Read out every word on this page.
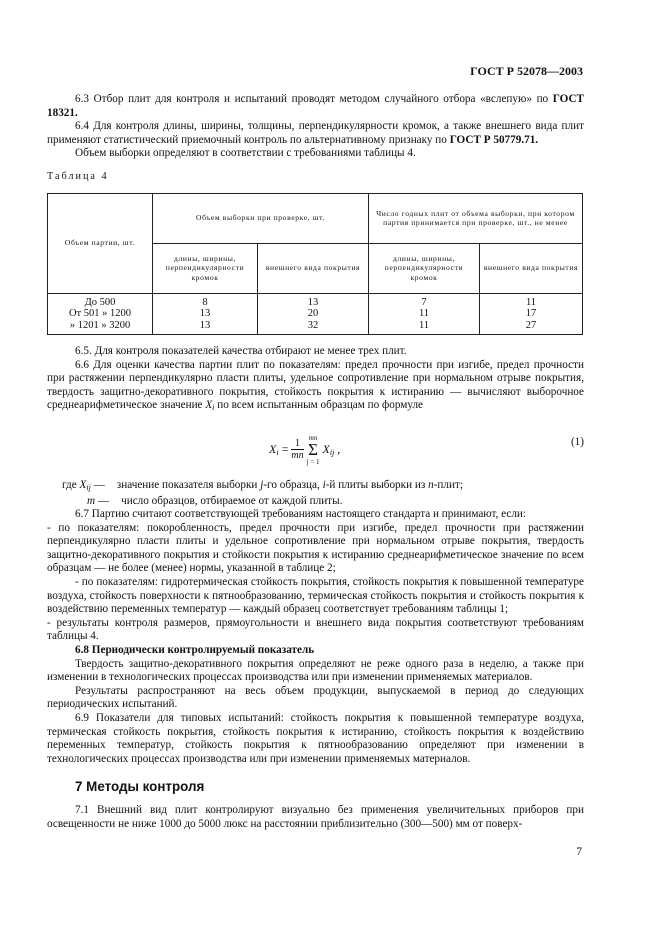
ГОСТ Р 52078—2003

6.3 Отбор плит для контроля и испытаний проводят методом случайного отбора «вслепую» по ГОСТ 18321.

6.4 Для контроля длины, ширины, толщины, перпендикулярности кромок, а также внешнего вида плит применяют статистический приемочный контроль по альтернативному признаку по ГОСТ Р 50779.71.

Объем выборки определяют в соответствии с требованиями таблицы 4.

Таблица 4
Объем партии, шт.	Объем выборки при проверке, шт.		Число годных плит от объема выборки, при котором партия принимается при проверке, шт., не менее	
	длины, ширины, перпендикулярности кромок	внешнего вида покрытия	длины, ширины, перпендикулярности кромок	внешнего вида покрытия
До 500	8	13	7	11
От 501 » 1200	13	20	11	17
» 1201 » 3200	13	32	11	27

6.5. Для контроля показателей качества отбирают не менее трех плит.

6.6 Для оценки качества партии плит по показателям: предел прочности при изгибе, предел прочности при растяжении перпендикулярно пласти плиты, удельное сопротивление при нормальном отрыве покрытия, твердость защитно-декоративного покрытия, стойкость покрытия к истиранию — вычисляют выборочное среднеарифметическое значение $X_i$ по всем испытанным образцам по формуле

$X_i = \frac{1}{mn}$
mn
Σ
$j = 1X_{ij}$ ,	(1)

где $X_{ij}$ — значение показателя выборки j-го образца, i-й плиты выборки из n-плит;

m — число образцов, отбираемое от каждой плиты.

6.7 Партию считают соответствующей требованиям настоящего стандарта и принимают, если:

- по показателям: покоробленность, предел прочности при изгибе, предел прочности при растяжении перпендикулярно пласти плиты и удельное сопротивление при нормальном отрыве покрытия, твердость защитно-декоративного покрытия и стойкости покрытия к истиранию среднеарифметическое значение по всем образцам — не более (менее) нормы, указанной в таблице 2;

- по показателям: гидротермическая стойкость покрытия, стойкость покрытия к повышенной температуре воздуха, стойкость поверхности к пятнообразованию, термическая стойкость покрытия и стойкость покрытия к воздействию переменных температур — каждый образец соответствует требованиям таблицы 1;

- результаты контроля размеров, прямоугольности и внешнего вида покрытия соответствуют требованиям таблицы 4.

6.8 Периодически контролируемый показатель

Твердость защитно-декоративного покрытия определяют не реже одного раза в неделю, а также при изменении в технологических процессах производства или при изменении применяемых материалов.

Результаты распространяют на весь объем продукции, выпускаемой в период до следующих периодических испытаний.

6.9 Показатели для типовых испытаний: стойкость покрытия к повышенной температуре воздуха, термическая стойкость покрытия, стойкость покрытия к истиранию, стойкость покрытия к воздействию переменных температур, стойкость покрытия к пятнообразованию определяют при изменении в технологических процессах производства или при изменении применяемых материалов.

7 Методы контроля

7.1 Внешний вид плит контролируют визуально без применения увеличительных приборов при освещенности не ниже 1000 до 5000 люкс на расстоянии приблизительно (300—500) мм от поверх-

7
